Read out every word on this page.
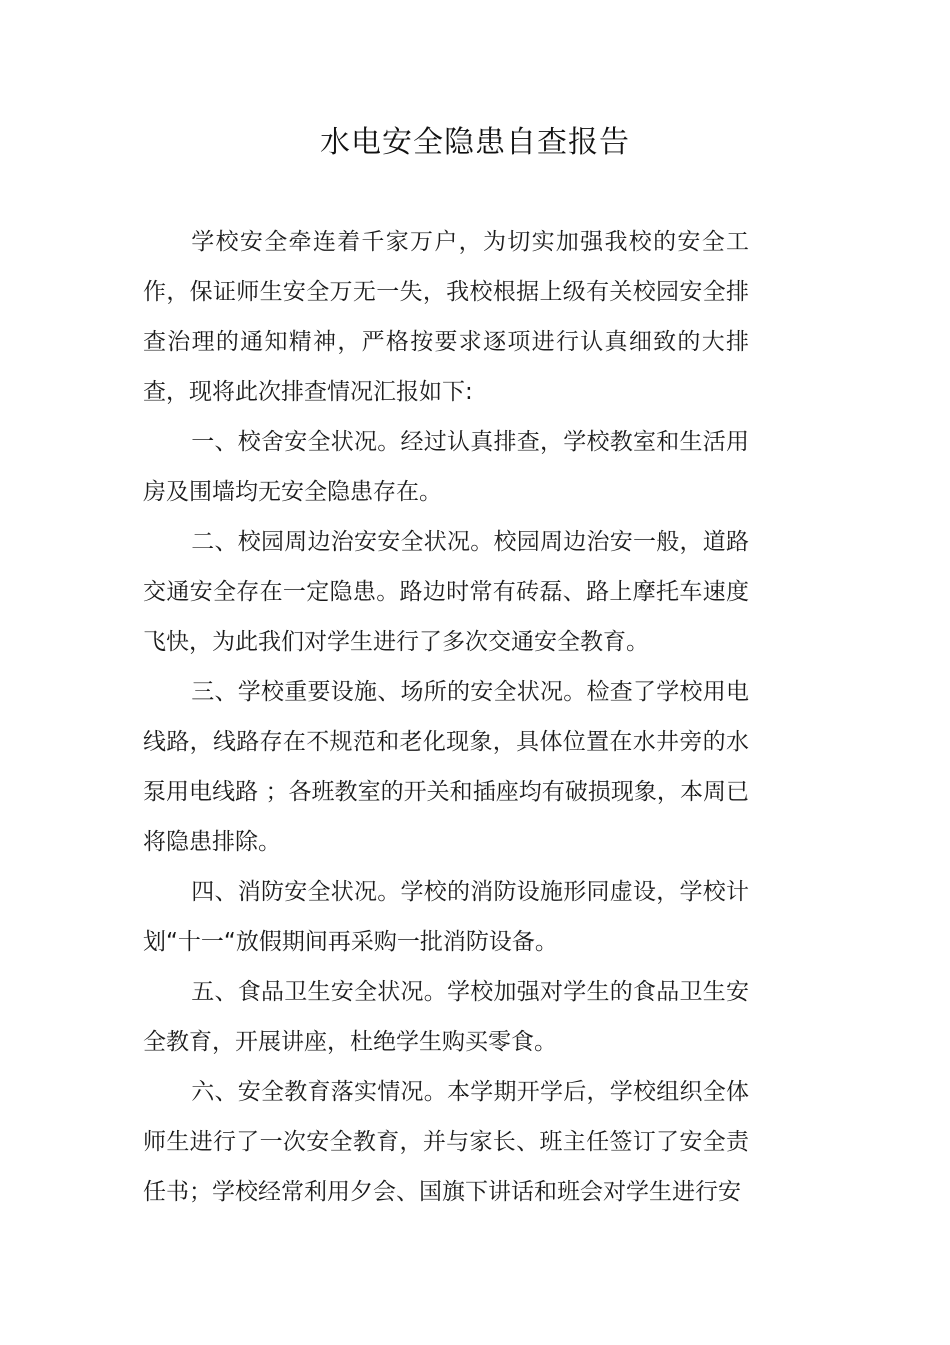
水电安全隐患自查报告

学校安全牵连着千家万户，为切实加强我校的安全工作，保证师生安全万无一失，我校根据上级有关校园安全排查治理的通知精神，严格按要求逐项进行认真细致的大排查，现将此次排查情况汇报如下:

一、校舍安全状况。经过认真排查，学校教室和生活用房及围墙均无安全隐患存在。

二、校园周边治安安全状况。校园周边治安一般，道路交通安全存在一定隐患。路边时常有砖磊、路上摩托车速度飞快，为此我们对学生进行了多次交通安全教育。

三、学校重要设施、场所的安全状况。检查了学校用电线路，线路存在不规范和老化现象，具体位置在水井旁的水泵用电线路 ；各班教室的开关和插座均有破损现象，本周已将隐患排除。

四、消防安全状况。学校的消防设施形同虚设，学校计划“十一“放假期间再采购一批消防设备。

五、食品卫生安全状况。学校加强对学生的食品卫生安全教育，开展讲座，杜绝学生购买零食。

六、安全教育落实情况。本学期开学后，学校组织全体师生进行了一次安全教育，并与家长、班主任签订了安全责任书；学校经常利用夕会、国旗下讲话和班会对学生进行安
